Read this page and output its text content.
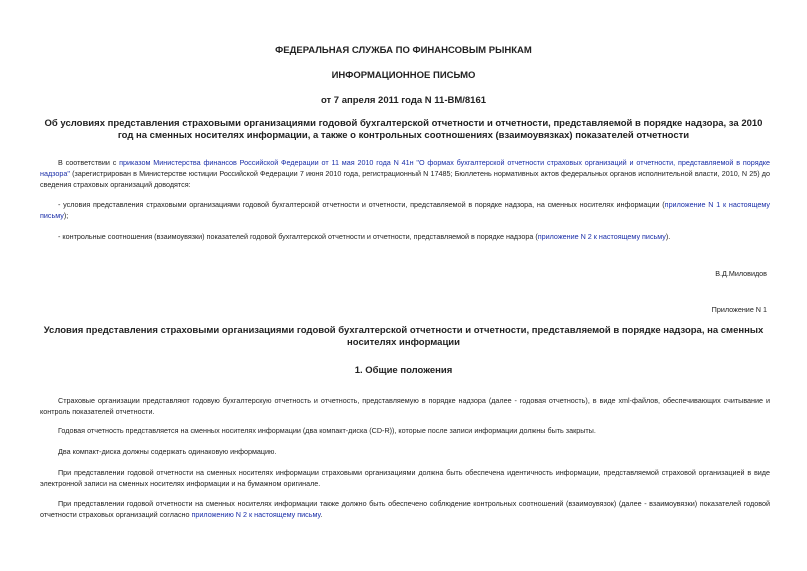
ФЕДЕРАЛЬНАЯ СЛУЖБА ПО ФИНАНСОВЫМ РЫНКАМ
ИНФОРМАЦИОННОЕ ПИСЬМО
от 7 апреля 2011 года N 11-ВМ/8161
Об условиях представления страховыми организациями годовой бухгалтерской отчетности и отчетности, представляемой в порядке надзора, за 2010 год на сменных носителях информации, а также о контрольных соотношениях (взаимоувязках) показателей отчетности
В соответствии с приказом Министерства финансов Российской Федерации от 11 мая 2010 года N 41н "О формах бухгалтерской отчетности страховых организаций и отчетности, представляемой в порядке надзора" (зарегистрирован в Министерстве юстиции Российской Федерации 7 июня 2010 года, регистрационный N 17485; Бюллетень нормативных актов федеральных органов исполнительной власти, 2010, N 25) до сведения страховых организаций доводятся:
- условия представления страховыми организациями годовой бухгалтерской отчетности и отчетности, представляемой в порядке надзора, на сменных носителях информации (приложение N 1 к настоящему письму);
- контрольные соотношения (взаимоувязки) показателей годовой бухгалтерской отчетности и отчетности, представляемой в порядке надзора (приложение N 2 к настоящему письму).
В.Д.Миловидов
Приложение N 1
Условия представления страховыми организациями годовой бухгалтерской отчетности и отчетности, представляемой в порядке надзора, на сменных носителях информации
1. Общие положения
Страховые организации представляют годовую бухгалтерскую отчетность и отчетность, представляемую в порядке надзора (далее - годовая отчетность), в виде xml-файлов, обеспечивающих считывание и контроль показателей отчетности.
Годовая отчетность представляется на сменных носителях информации (два компакт-диска (CD-R)), которые после записи информации должны быть закрыты.
Два компакт-диска должны содержать одинаковую информацию.
При представлении годовой отчетности на сменных носителях информации страховыми организациями должна быть обеспечена идентичность информации, представляемой страховой организацией в виде электронной записи на сменных носителях информации и на бумажном оригинале.
При представлении годовой отчетности на сменных носителях информации также должно быть обеспечено соблюдение контрольных соотношений (взаимоувязок) (далее - взаимоувязки) показателей годовой отчетности страховых организаций согласно приложению N 2 к настоящему письму.
